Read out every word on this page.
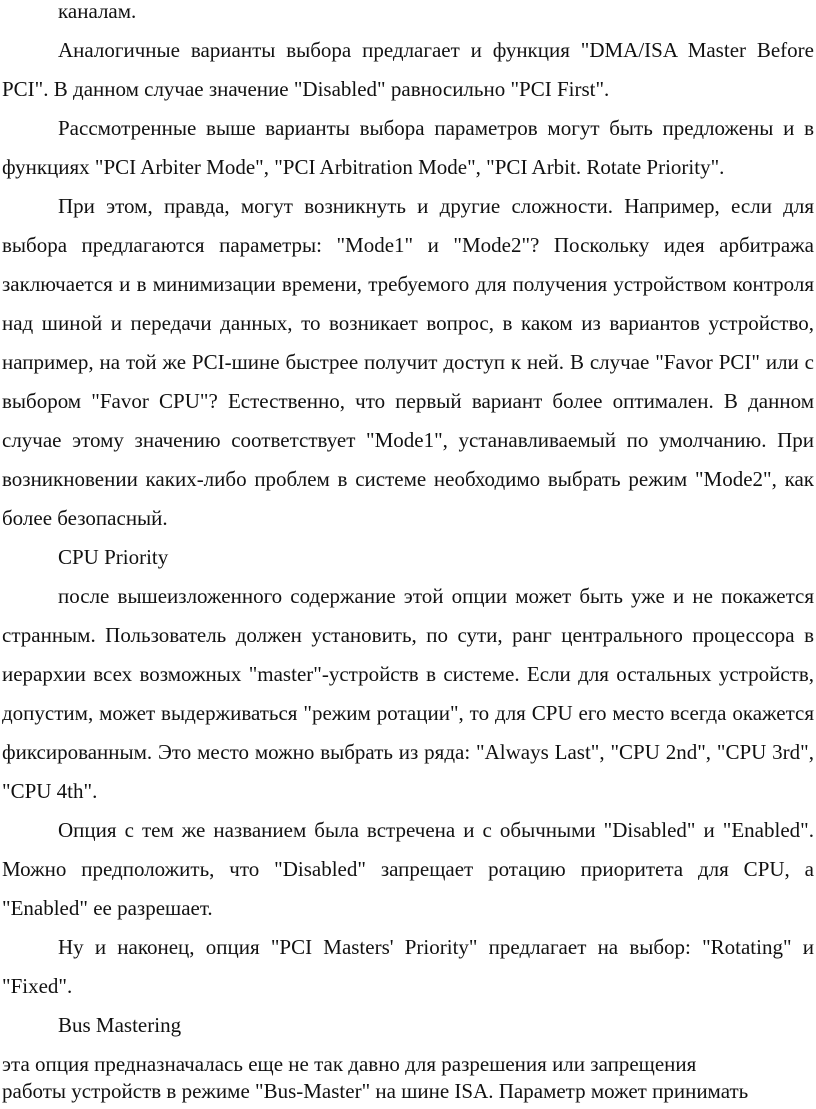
каналам.

Аналогичные варианты выбора предлагает и функция "DMA/ISA Master Before PCI". В данном случае значение "Disabled" равносильно "PCI First".

Рассмотренные выше варианты выбора параметров могут быть предложены и в функциях "PCI Arbiter Mode", "PCI Arbitration Mode", "PCI Arbit. Rotate Priority".

При этом, правда, могут возникнуть и другие сложности. Например, если для выбора предлагаются параметры: "Mode1" и "Mode2"? Поскольку идея арбитража заключается и в минимизации времени, требуемого для получения устройством контроля над шиной и передачи данных, то возникает вопрос, в каком из вариантов устройство, например, на той же PCI-шине быстрее получит доступ к ней. В случае "Favor PCI" или с выбором "Favor CPU"? Естественно, что первый вариант более оптимален. В данном случае этому значению соответствует "Mode1", устанавливаемый по умолчанию. При возникновении каких-либо проблем в системе необходимо выбрать режим "Mode2", как более безопасный.

CPU Priority

после вышеизложенного содержание этой опции может быть уже и не покажется странным. Пользователь должен установить, по сути, ранг центрального процессора в иерархии всех возможных "master"-устройств в системе. Если для остальных устройств, допустим, может выдерживаться "режим ротации", то для CPU его место всегда окажется фиксированным. Это место можно выбрать из ряда: "Always Last", "CPU 2nd", "CPU 3rd", "CPU 4th".

Опция с тем же названием была встречена и с обычными "Disabled" и "Enabled". Можно предположить, что "Disabled" запрещает ротацию приоритета для CPU, а "Enabled" ее разрешает.

Ну и наконец, опция "PCI Masters' Priority" предлагает на выбор: "Rotating" и "Fixed".

Bus Mastering

эта опция предназначалась еще не так давно для разрешения или запрещения

работы устройств в режиме "Bus-Master" на шине ISA. Параметр может принимать
